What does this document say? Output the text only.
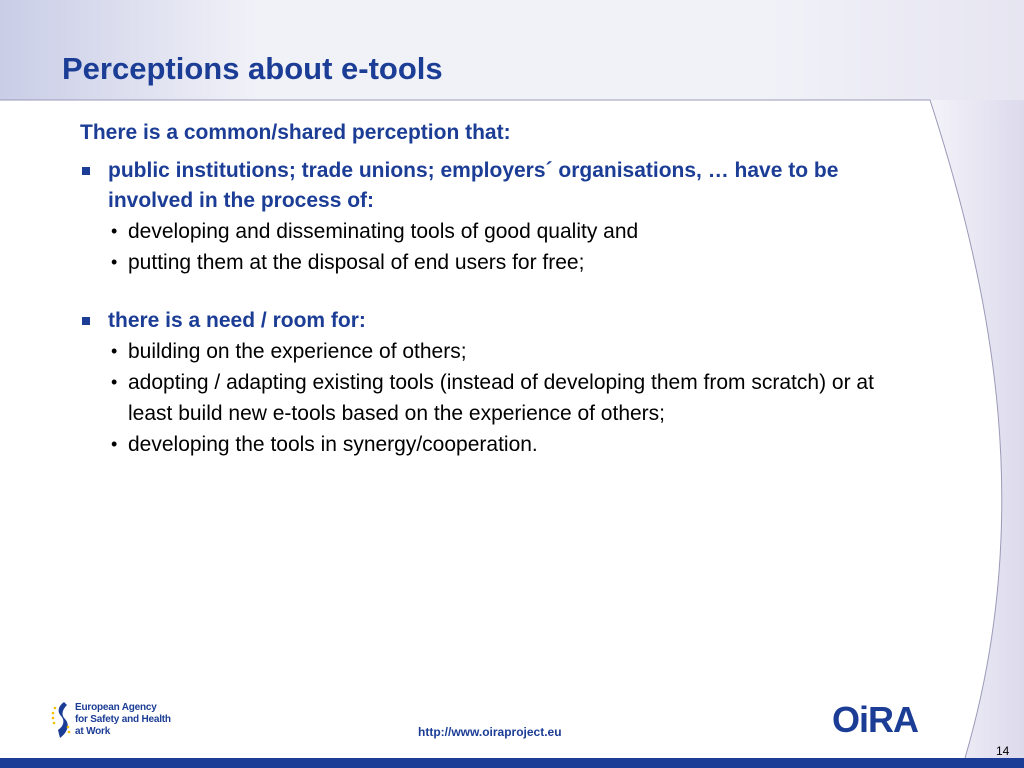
Perceptions about e-tools

There is a common/shared perception that:

public institutions; trade unions; employers´ organisations, … have to be involved in the process of:

• developing and disseminating tools of good quality and
• putting them at the disposal of end users for free;

there is a need / room for:

• building on the experience of others;
• adopting / adapting existing tools (instead of developing them from scratch) or at least build new e-tools based on the experience of others;
• developing the tools in synergy/cooperation.
European Agency
for Safety and Health
at Work	http://www.oiraproject.eu	OiRA
14
